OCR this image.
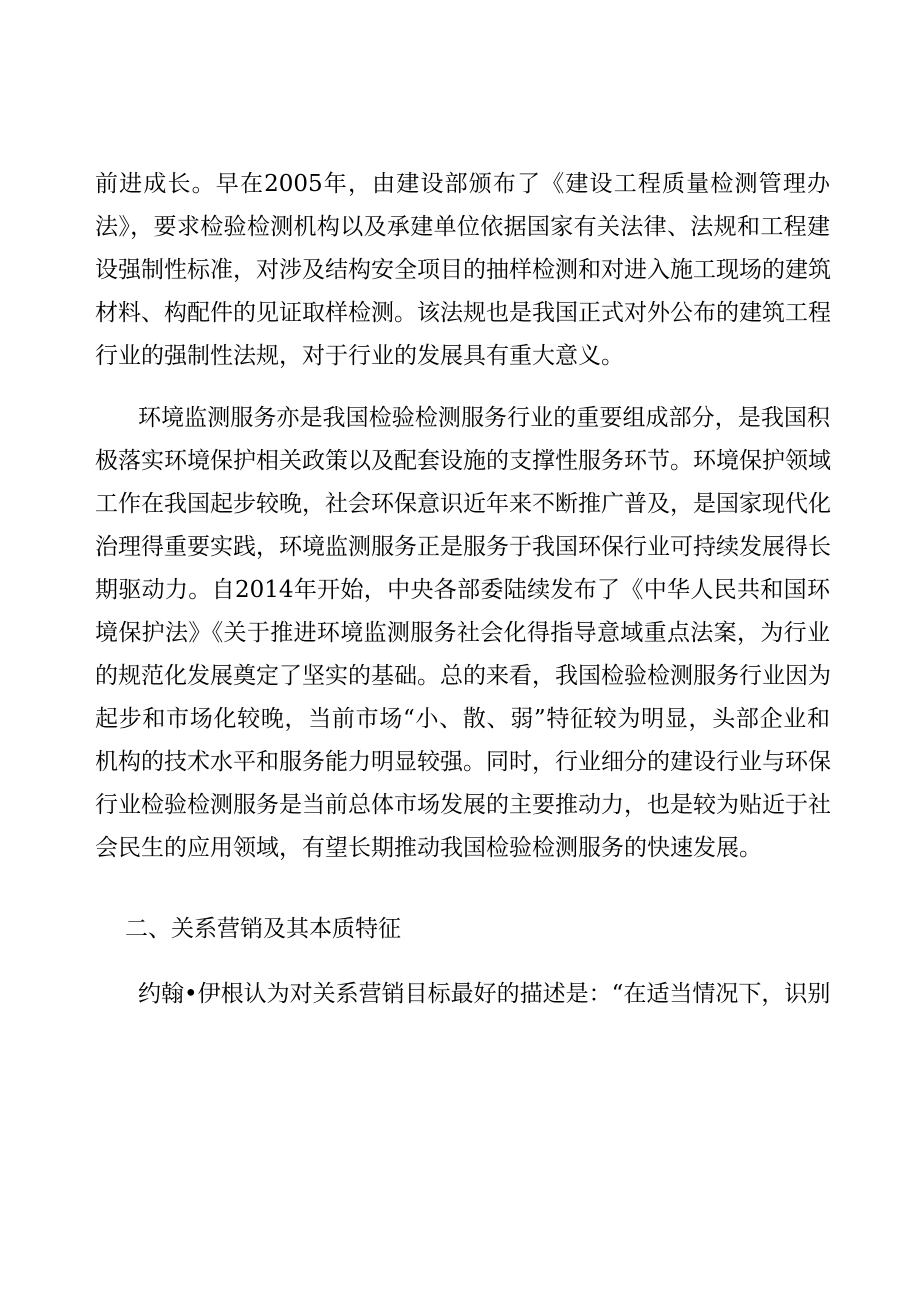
前进成长。早在2005年，由建设部颁布了《建设工程质量检测管理办
法》，要求检验检测机构以及承建单位依据国家有关法律、法规和工程建
设强制性标准，对涉及结构安全项目的抽样检测和对进入施工现场的建筑
材料、构配件的见证取样检测。该法规也是我国正式对外公布的建筑工程
行业的强制性法规，对于行业的发展具有重大意义。
环境监测服务亦是我国检验检测服务行业的重要组成部分，是我国积
极落实环境保护相关政策以及配套设施的支撑性服务环节。环境保护领域
工作在我国起步较晚，社会环保意识近年来不断推广普及，是国家现代化
治理得重要实践，环境监测服务正是服务于我国环保行业可持续发展得长
期驱动力。自2014年开始，中央各部委陆续发布了《中华人民共和国环
境保护法》《关于推进环境监测服务社会化得指导意域重点法案，为行业
的规范化发展奠定了坚实的基础。总的来看，我国检验检测服务行业因为
起步和市场化较晚，当前市场“小、散、弱”特征较为明显，头部企业和
机构的技术水平和服务能力明显较强。同时，行业细分的建设行业与环保
行业检验检测服务是当前总体市场发展的主要推动力，也是较为贴近于社
会民生的应用领域，有望长期推动我国检验检测服务的快速发展。
二、关系营销及其本质特征
约翰•伊根认为对关系营销目标最好的描述是：“在适当情况下，识别
